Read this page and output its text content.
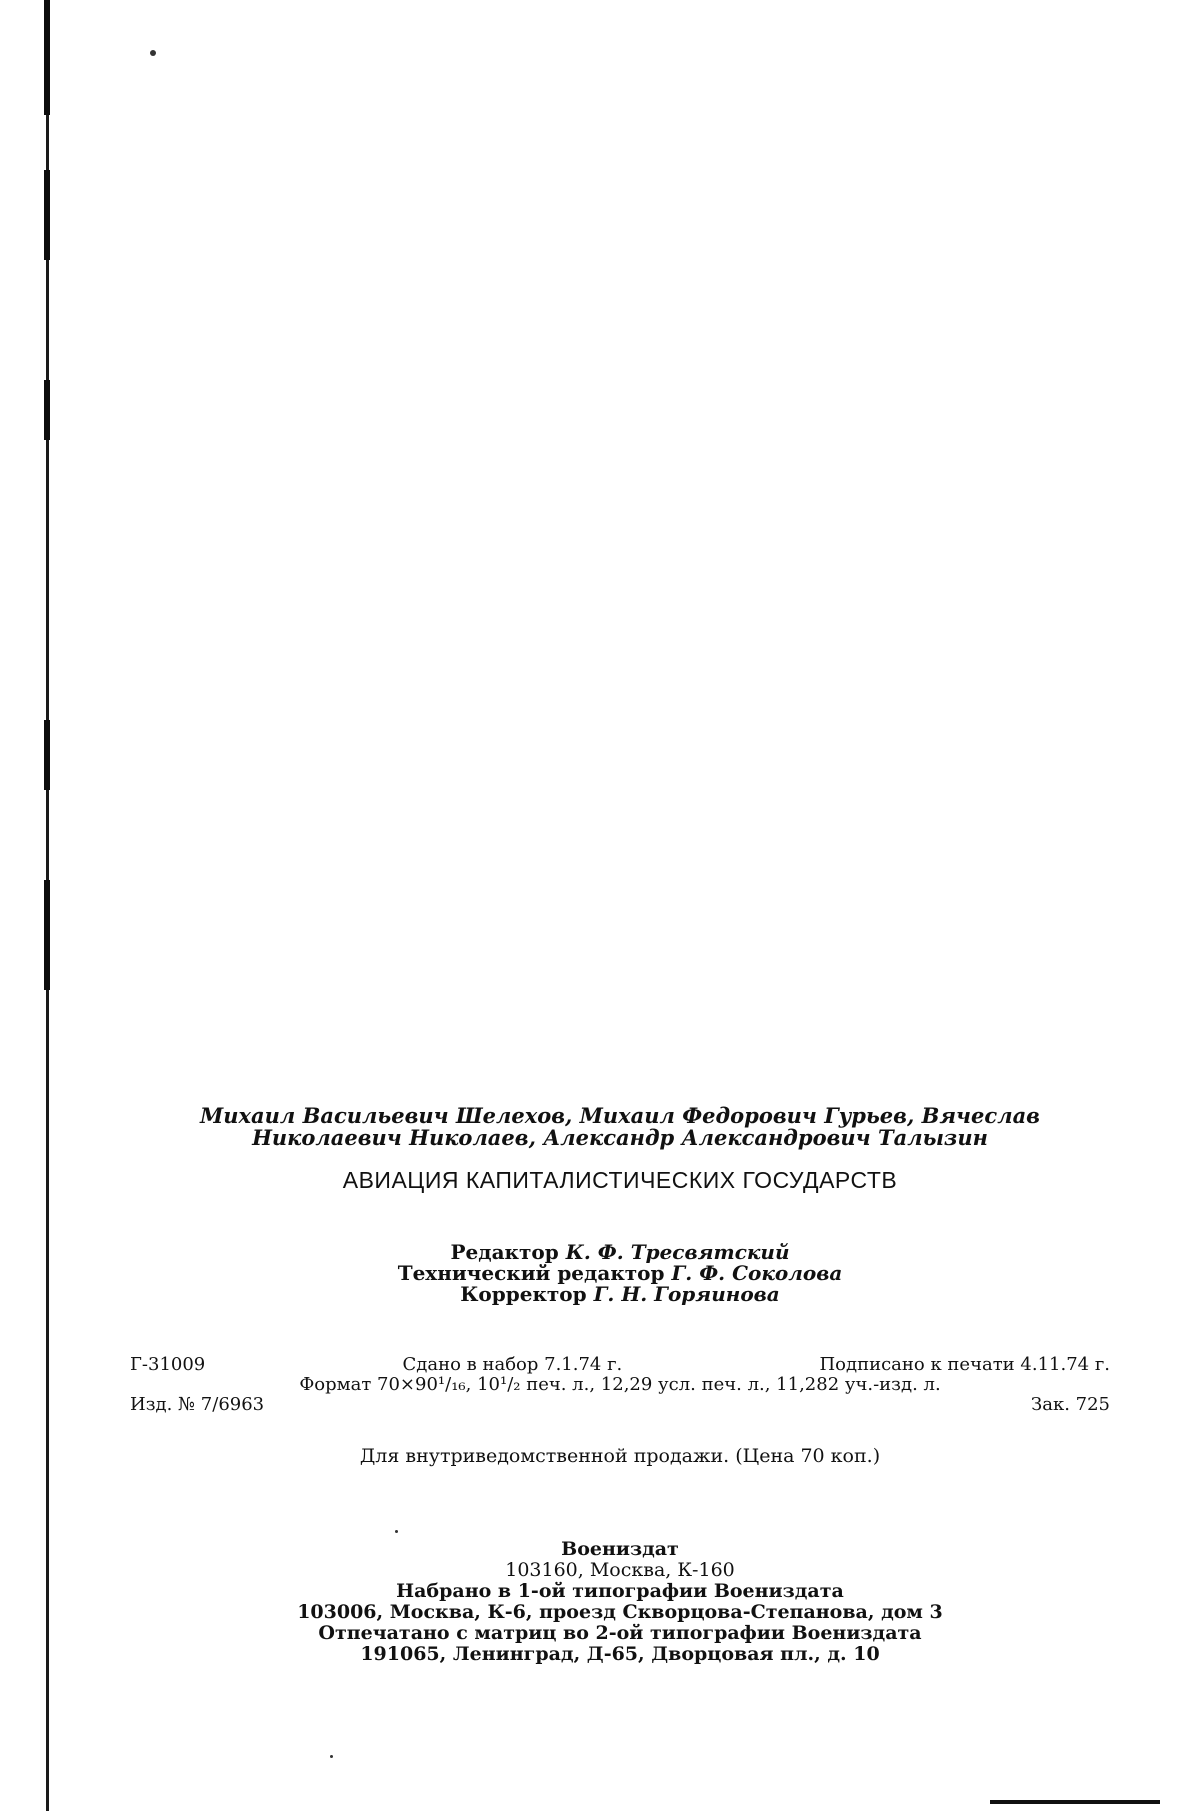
Михаил Васильевич Шелехов, Михаил Федорович Гурьев, Вячеслав
Николаевич Николаев, Александр Александрович Талызин

АВИАЦИЯ КАПИТАЛИСТИЧЕСКИХ ГОСУДАРСТВ

Редактор К. Ф. Тресвятский
Технический редактор Г. Ф. Соколова
Корректор Г. Н. Горяинова
Г-31009	Сдано в набор 7.1.74 г.	Подписано к печати 4.11.74 г.
Формат 70×90¹/₁₆, 10¹/₂ печ. л., 12,29 усл. печ. л., 11,282 уч.-изд. л.
Изд. № 7/6963	Зак. 725
Для внутриведомственной продажи. (Цена 70 коп.)
Воениздат
103160, Москва, К-160
Набрано в 1-ой типографии Воениздата
103006, Москва, К-6, проезд Скворцова-Степанова, дом 3
Отпечатано с матриц во 2-ой типографии Воениздата
191065, Ленинград, Д-65, Дворцовая пл., д. 10
